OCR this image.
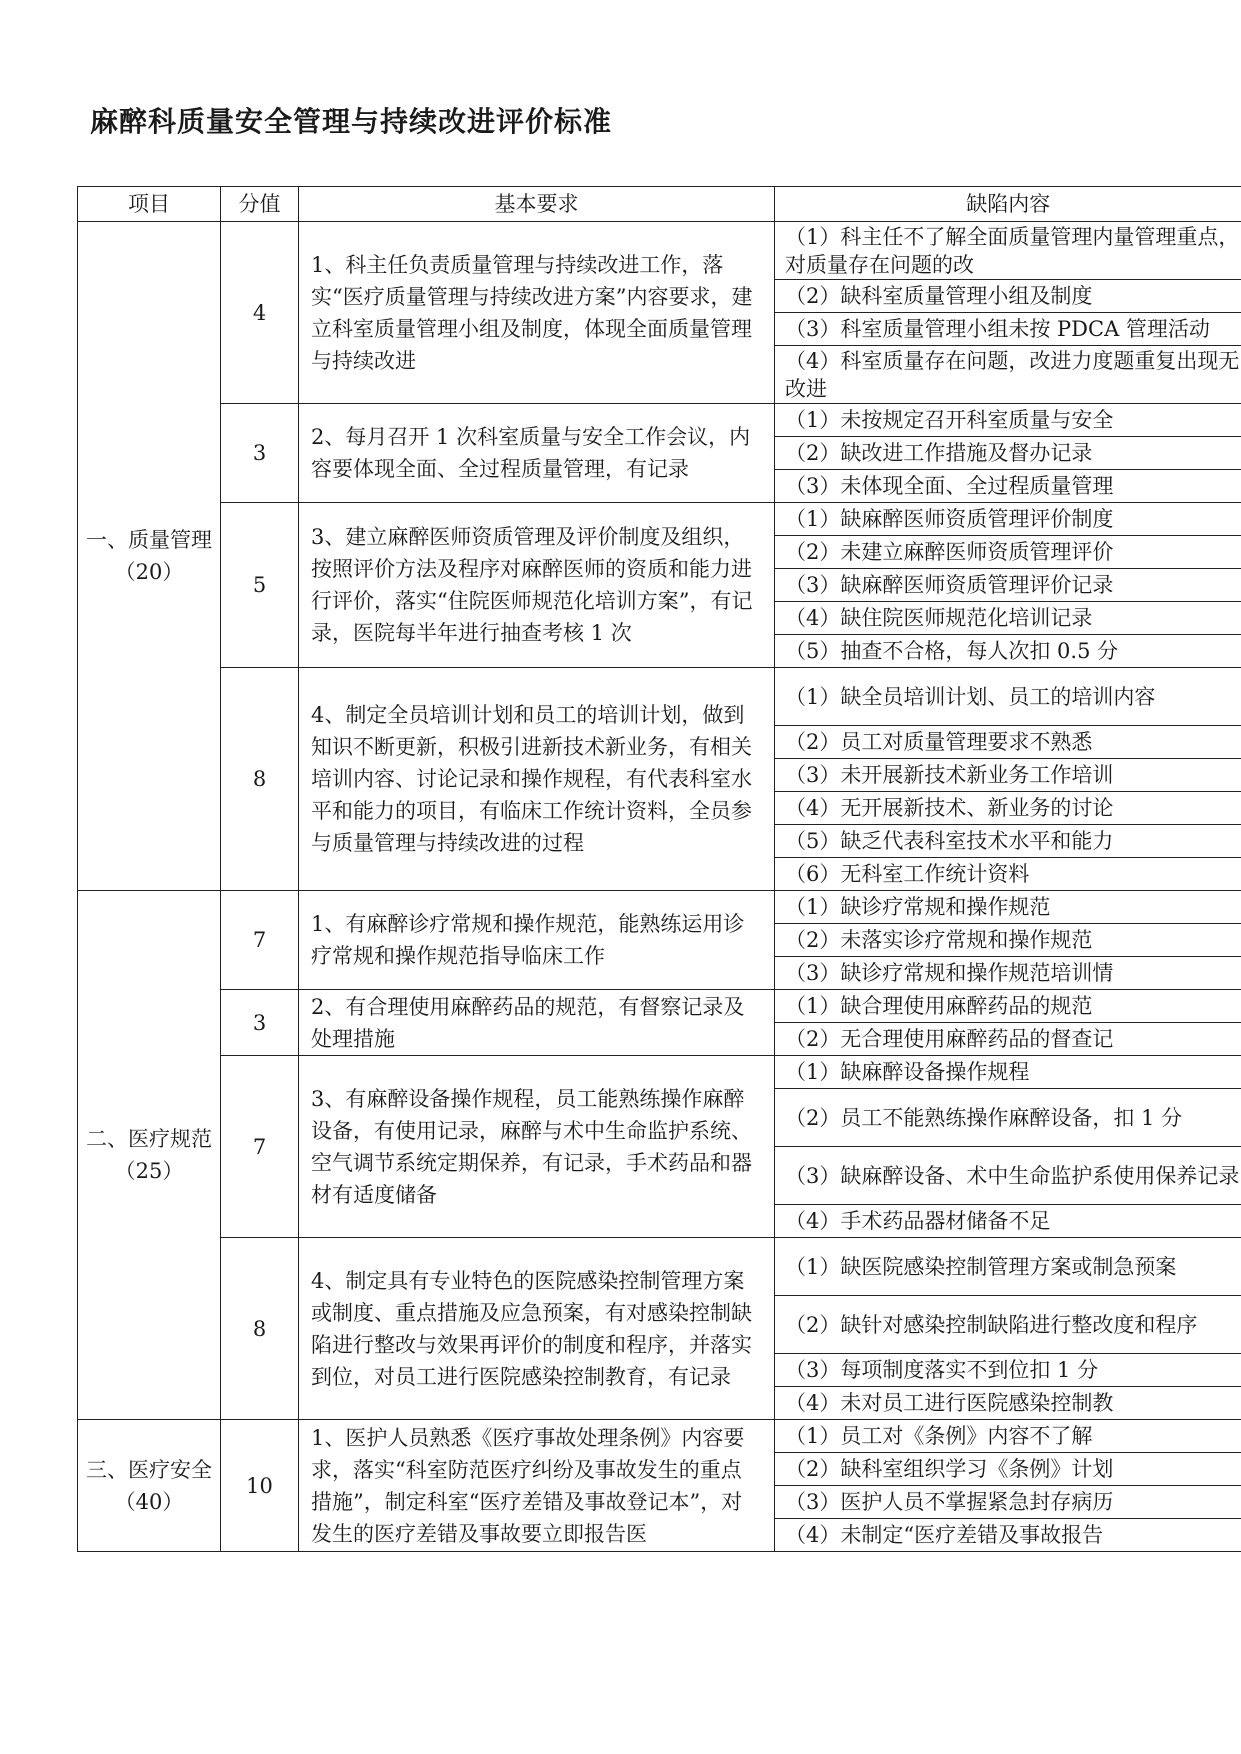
麻醉科质量安全管理与持续改进评价标准
项目	分值	基本要求	缺陷内容

一、质量管理
（20）	4	1、科主任负责质量管理与持续改进工作，落实“医疗质量管理与持续改进方案”内容要求，建立科室质量管理小组及制度，体现全面质量管理与持续改进	（1）科主任不了解全面质量管理内量管理重点，对质量存在问题的改
			（2）缺科室质量管理小组及制度
			（3）科室质量管理小组未按 PDCA 管理活动
			（4）科室质量存在问题，改进力度题重复出现无改进
	3	2、每月召开 1 次科室质量与安全工作会议，内容要体现全面、全过程质量管理，有记录	（1）未按规定召开科室质量与安全
			（2）缺改进工作措施及督办记录
			（3）未体现全面、全过程质量管理
	5	3、建立麻醉医师资质管理及评价制度及组织，按照评价方法及程序对麻醉医师的资质和能力进行评价，落实“住院医师规范化培训方案”，有记录，医院每半年进行抽查考核 1 次	（1）缺麻醉医师资质管理评价制度
			（2）未建立麻醉医师资质管理评价
			（3）缺麻醉医师资质管理评价记录
			（4）缺住院医师规范化培训记录
			（5）抽查不合格，每人次扣 0.5 分
	8	4、制定全员培训计划和员工的培训计划，做到知识不断更新，积极引进新技术新业务，有相关培训内容、讨论记录和操作规程，有代表科室水平和能力的项目，有临床工作统计资料，全员参与质量管理与持续改进的过程	（1）缺全员培训计划、员工的培训内容
			（2）员工对质量管理要求不熟悉
			（3）未开展新技术新业务工作培训
			（4）无开展新技术、新业务的讨论
			（5）缺乏代表科室技术水平和能力
			（6）无科室工作统计资料

二、医疗规范
（25）	7	1、有麻醉诊疗常规和操作规范，能熟练运用诊疗常规和操作规范指导临床工作	（1）缺诊疗常规和操作规范
			（2）未落实诊疗常规和操作规范
			（3）缺诊疗常规和操作规范培训情
	3	2、有合理使用麻醉药品的规范，有督察记录及处理措施	（1）缺合理使用麻醉药品的规范
			（2）无合理使用麻醉药品的督查记
	7	3、有麻醉设备操作规程，员工能熟练操作麻醉设备，有使用记录，麻醉与术中生命监护系统、空气调节系统定期保养，有记录，手术药品和器材有适度储备	（1）缺麻醉设备操作规程
			（2）员工不能熟练操作麻醉设备，扣 1 分
			（3）缺麻醉设备、术中生命监护系使用保养记录
			（4）手术药品器材储备不足
	8	4、制定具有专业特色的医院感染控制管理方案或制度、重点措施及应急预案，有对感染控制缺陷进行整改与效果再评价的制度和程序，并落实到位，对员工进行医院感染控制教育，有记录	（1）缺医院感染控制管理方案或制急预案
			（2）缺针对感染控制缺陷进行整改度和程序
			（3）每项制度落实不到位扣 1 分
			（4）未对员工进行医院感染控制教

三、医疗安全
（40）	10	1、医护人员熟悉《医疗事故处理条例》内容要求，落实“科室防范医疗纠纷及事故发生的重点措施”，制定科室“医疗差错及事故登记本”，对发生的医疗差错及事故要立即报告医	（1）员工对《条例》内容不了解
			（2）缺科室组织学习《条例》计划
			（3）医护人员不掌握紧急封存病历
			（4）未制定“医疗差错及事故报告
